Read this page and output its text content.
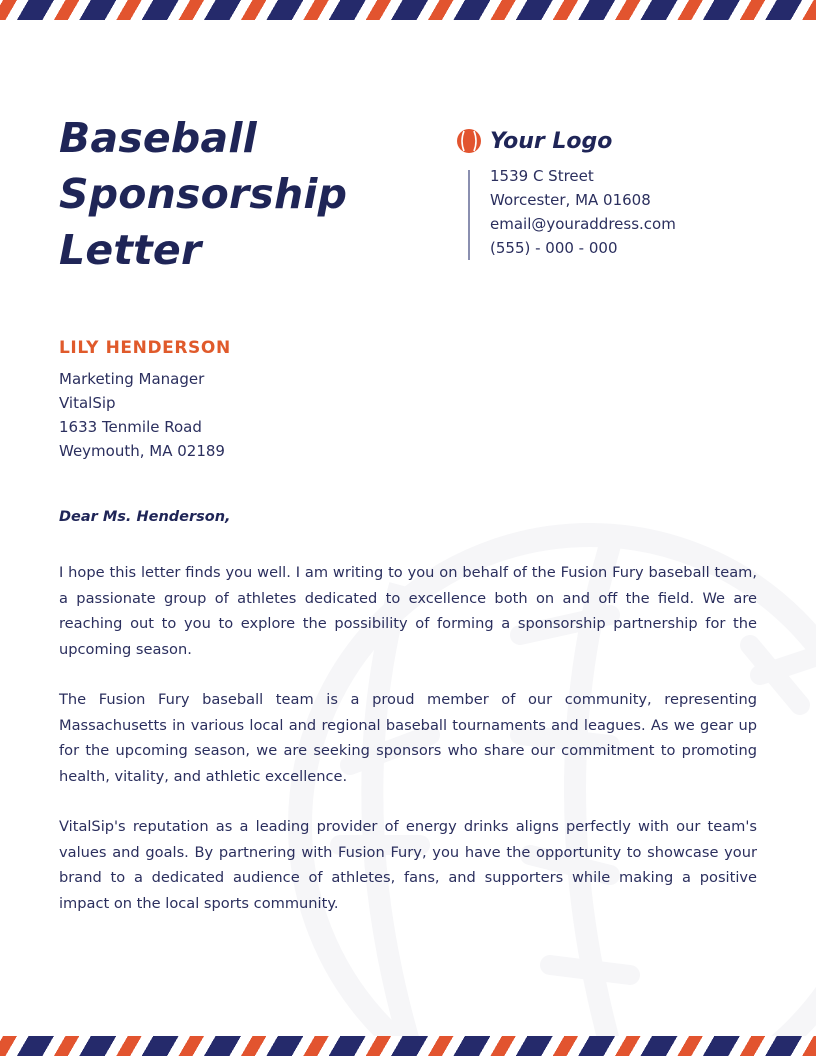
Baseball
Sponsorship
Letter
Your Logo
1539 C Street
Worcester, MA 01608
email@youraddress.com
(555) - 000 - 000
LILY HENDERSON
Marketing Manager
VitalSip
1633 Tenmile Road
Weymouth, MA 02189
Dear Ms. Henderson,

I hope this letter finds you well. I am writing to you on behalf of the Fusion Fury baseball team, a passionate group of athletes dedicated to excellence both on and off the field. We are reaching out to you to explore the possibility of forming a sponsorship partnership for the upcoming season.

The Fusion Fury baseball team is a proud member of our community, representing Massachusetts in various local and regional baseball tournaments and leagues. As we gear up for the upcoming season, we are seeking sponsors who share our commitment to promoting health, vitality, and athletic excellence.

VitalSip's reputation as a leading provider of energy drinks aligns perfectly with our team's values and goals. By partnering with Fusion Fury, you have the opportunity to showcase your brand to a dedicated audience of athletes, fans, and supporters while making a positive impact on the local sports community.
